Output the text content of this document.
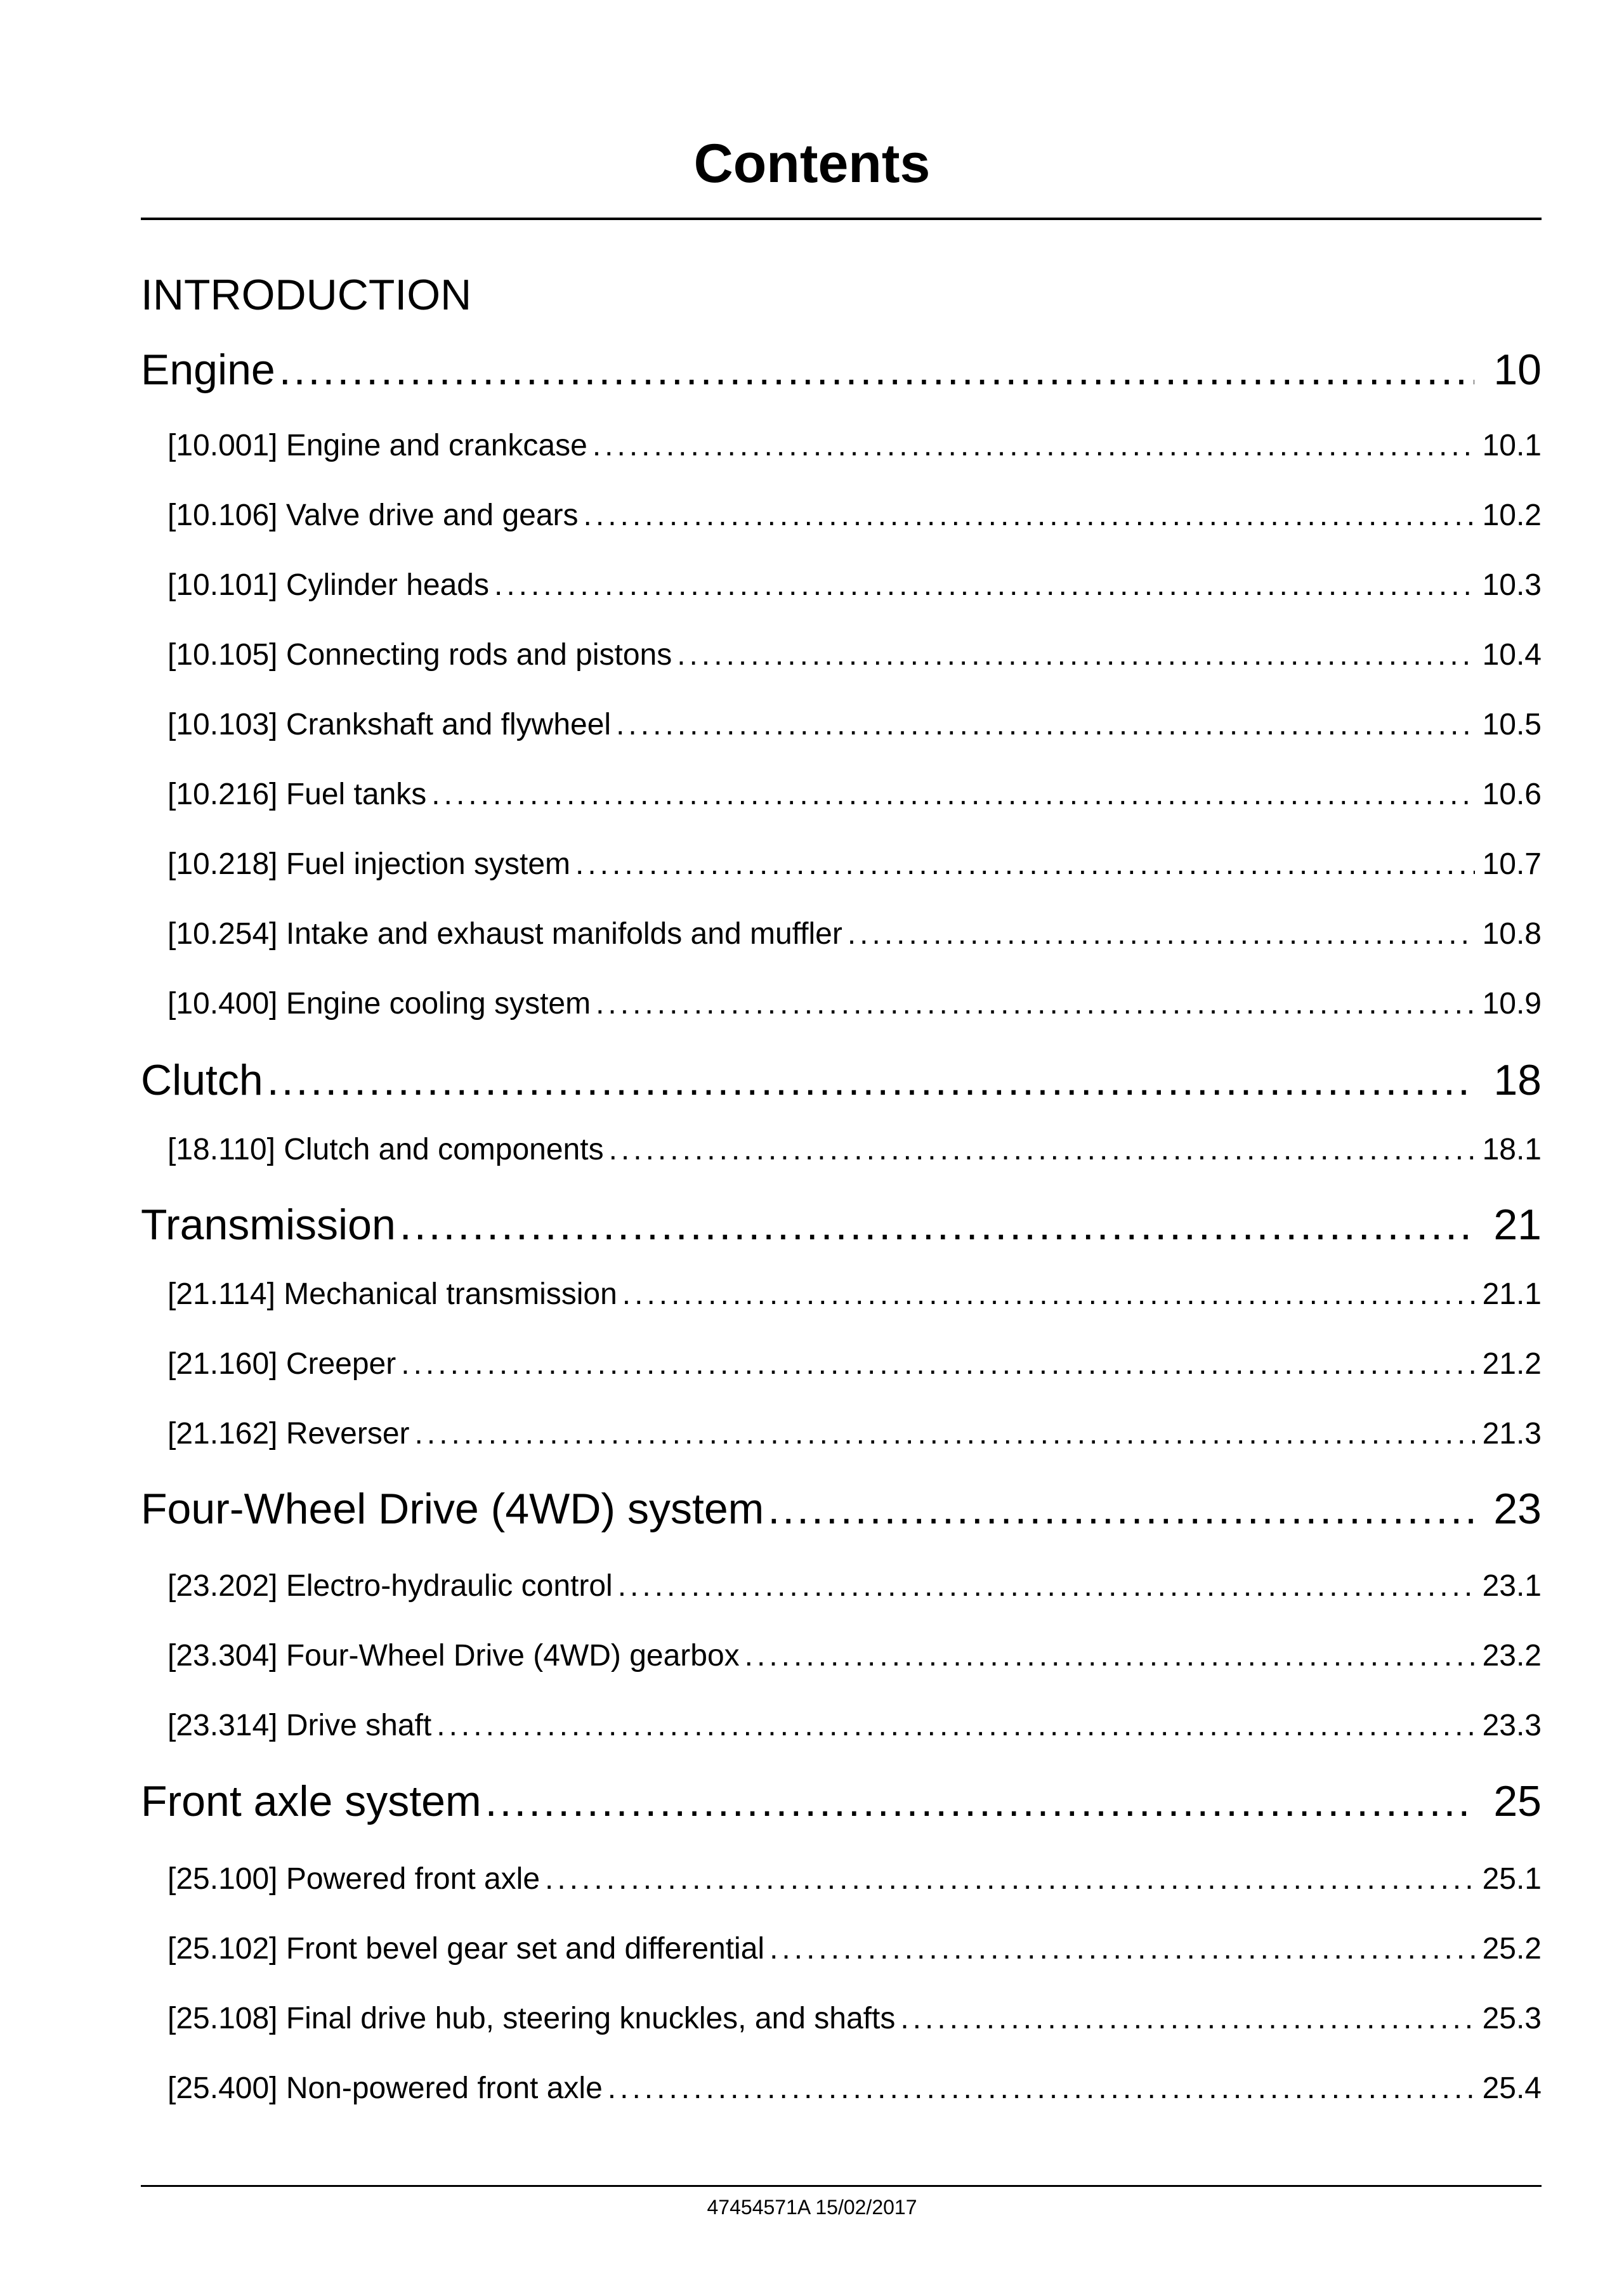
Contents
INTRODUCTION
Engine .....	10
[10.001] Engine and crankcase .....	10.1
[10.106] Valve drive and gears .....	10.2
[10.101] Cylinder heads .....	10.3
[10.105] Connecting rods and pistons .....	10.4
[10.103] Crankshaft and flywheel .....	10.5
[10.216] Fuel tanks .....	10.6
[10.218] Fuel injection system .....	10.7
[10.254] Intake and exhaust manifolds and muffler .....	10.8
[10.400] Engine cooling system .....	10.9
Clutch .....	18
[18.110] Clutch and components .....	18.1
Transmission .....	21
[21.114] Mechanical transmission .....	21.1
[21.160] Creeper .....	21.2
[21.162] Reverser .....	21.3
Four-Wheel Drive (4WD) system .....	23
[23.202] Electro-hydraulic control .....	23.1
[23.304] Four-Wheel Drive (4WD) gearbox .....	23.2
[23.314] Drive shaft .....	23.3
Front axle system .....	25
[25.100] Powered front axle .....	25.1
[25.102] Front bevel gear set and differential .....	25.2
[25.108] Final drive hub, steering knuckles, and shafts .....	25.3
[25.400] Non-powered front axle .....	25.4
47454571A 15/02/2017
